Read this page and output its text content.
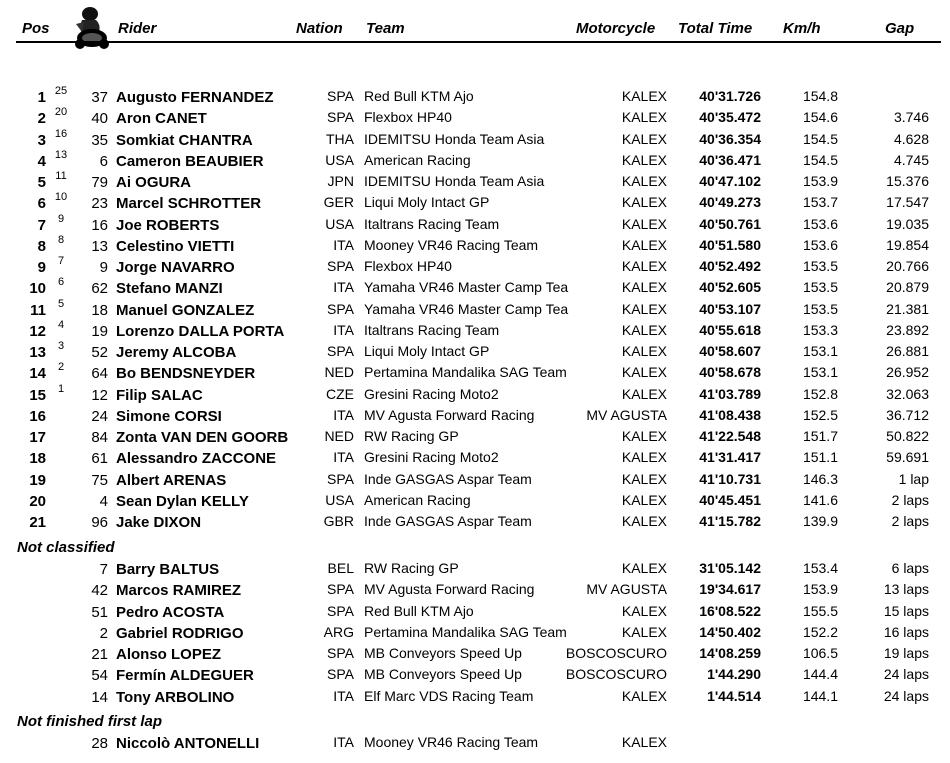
Pos	Rider	Nation Team	Motorcycle Total Time Km/h	Gap
1 25	37 Augusto FERNANDEZ	SPA Red Bull KTM Ajo	KALEX	40'31.726	154.8
2 20	40 Aron CANET	SPA Flexbox HP40	KALEX	40'35.472	154.6	3.746
3 16	35 Somkiat CHANTRA	THA IDEMITSU Honda Team Asia	KALEX	40'36.354	154.5	4.628
4 13	6 Cameron BEAUBIER	USA American Racing	KALEX	40'36.471	154.5	4.745
5 11	79 Ai OGURA	JPN IDEMITSU Honda Team Asia	KALEX	40'47.102	153.9	15.376
6 10	23 Marcel SCHROTTER	GER Liqui Moly Intact GP	KALEX	40'49.273	153.7	17.547
7	9	16 Joe ROBERTS	USA Italtrans Racing Team	KALEX	40'50.761	153.6	19.035
8	8	13 Celestino VIETTI	ITA Mooney VR46 Racing Team	KALEX	40'51.580	153.6	19.854
9	7	9 Jorge NAVARRO	SPA Flexbox HP40	KALEX	40'52.492	153.5	20.766
10	6	62 Stefano MANZI	ITA Yamaha VR46 Master Camp Tea	KALEX	40'52.605	153.5	20.879
11	5	18 Manuel GONZALEZ	SPA Yamaha VR46 Master Camp Tea	KALEX	40'53.107	153.5	21.381
12	4	19 Lorenzo DALLA PORTA	ITA Italtrans Racing Team	KALEX	40'55.618	153.3	23.892
13	3	52 Jeremy ALCOBA	SPA Liqui Moly Intact GP	KALEX	40'58.607	153.1	26.881
14	2	64 Bo BENDSNEYDER	NED Pertamina Mandalika SAG Team	KALEX	40'58.678	153.1	26.952
15	1	12 Filip SALAC	CZE Gresini Racing Moto2	KALEX	41'03.789	152.8	32.063
16	24 Simone CORSI	ITA MV Agusta Forward Racing	MV AGUSTA	41'08.438	152.5	36.712
17	84 Zonta VAN DEN GOORB	NED RW Racing GP	KALEX	41'22.548	151.7	50.822
18	61 Alessandro ZACCONE	ITA Gresini Racing Moto2	KALEX	41'31.417	151.1	59.691
19	75 Albert ARENAS	SPA Inde GASGAS Aspar Team	KALEX	41'10.731	146.3	1 lap
20	4 Sean Dylan KELLY	USA American Racing	KALEX	40'45.451	141.6	2 laps
21	96 Jake DIXON	GBR Inde GASGAS Aspar Team	KALEX	41'15.782	139.9	2 laps
Not classified
7 Barry BALTUS	BEL RW Racing GP	KALEX	31'05.142	153.4	6 laps
42 Marcos RAMIREZ	SPA MV Agusta Forward Racing	MV AGUSTA	19'34.617	153.9	13 laps
51 Pedro ACOSTA	SPA Red Bull KTM Ajo	KALEX	16'08.522	155.5	15 laps
2 Gabriel RODRIGO	ARG Pertamina Mandalika SAG Team	KALEX	14'50.402	152.2	16 laps
21 Alonso LOPEZ	SPA MB Conveyors Speed Up	BOSCOSCURO	14'08.259	106.5	19 laps
54 Fermín ALDEGUER	SPA MB Conveyors Speed Up	BOSCOSCURO	1'44.290	144.4	24 laps
14 Tony ARBOLINO	ITA Elf Marc VDS Racing Team	KALEX	1'44.514	144.1	24 laps
Not finished first lap
28 Niccolò ANTONELLI	ITA Mooney VR46 Racing Team	KALEX
